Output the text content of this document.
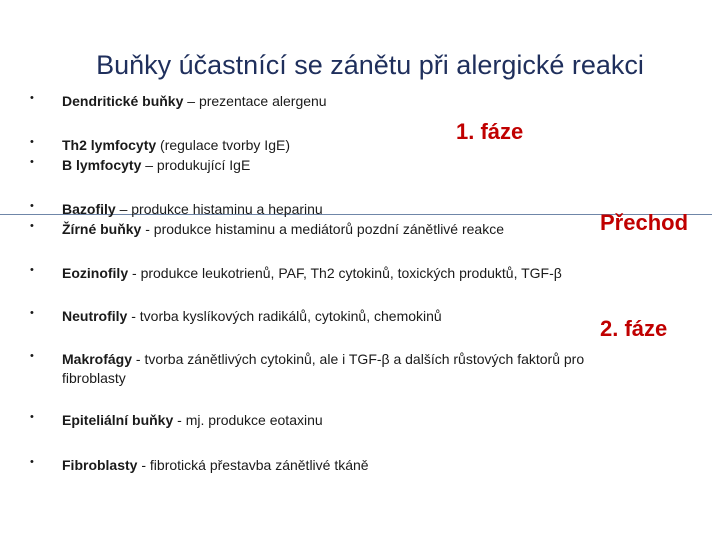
Buňky účastnící se zánětu při alergické reakci
• Dendritické buňky – prezentace alergenu
• Th2 lymfocyty (regulace tvorby IgE)
• B lymfocyty – produkující IgE
• Bazofily – produkce histaminu a heparinu
• Žírné buňky - produkce histaminu a mediátorů pozdní zánětlivé reakce
• Eozinofily - produkce leukotrienů, PAF, Th2 cytokinů, toxických produktů, TGF-β
• Neutrofily - tvorba kyslíkových radikálů, cytokinů, chemokinů
• Makrofágy - tvorba zánětlivých cytokinů, ale i TGF-β a dalších růstových faktorů pro
fibroblasty
• Epiteliální buňky - mj. produkce eotaxinu
• Fibroblasty - fibrotická přestavba zánětlivé tkáně
1. fáze
Přechod
2. fáze
